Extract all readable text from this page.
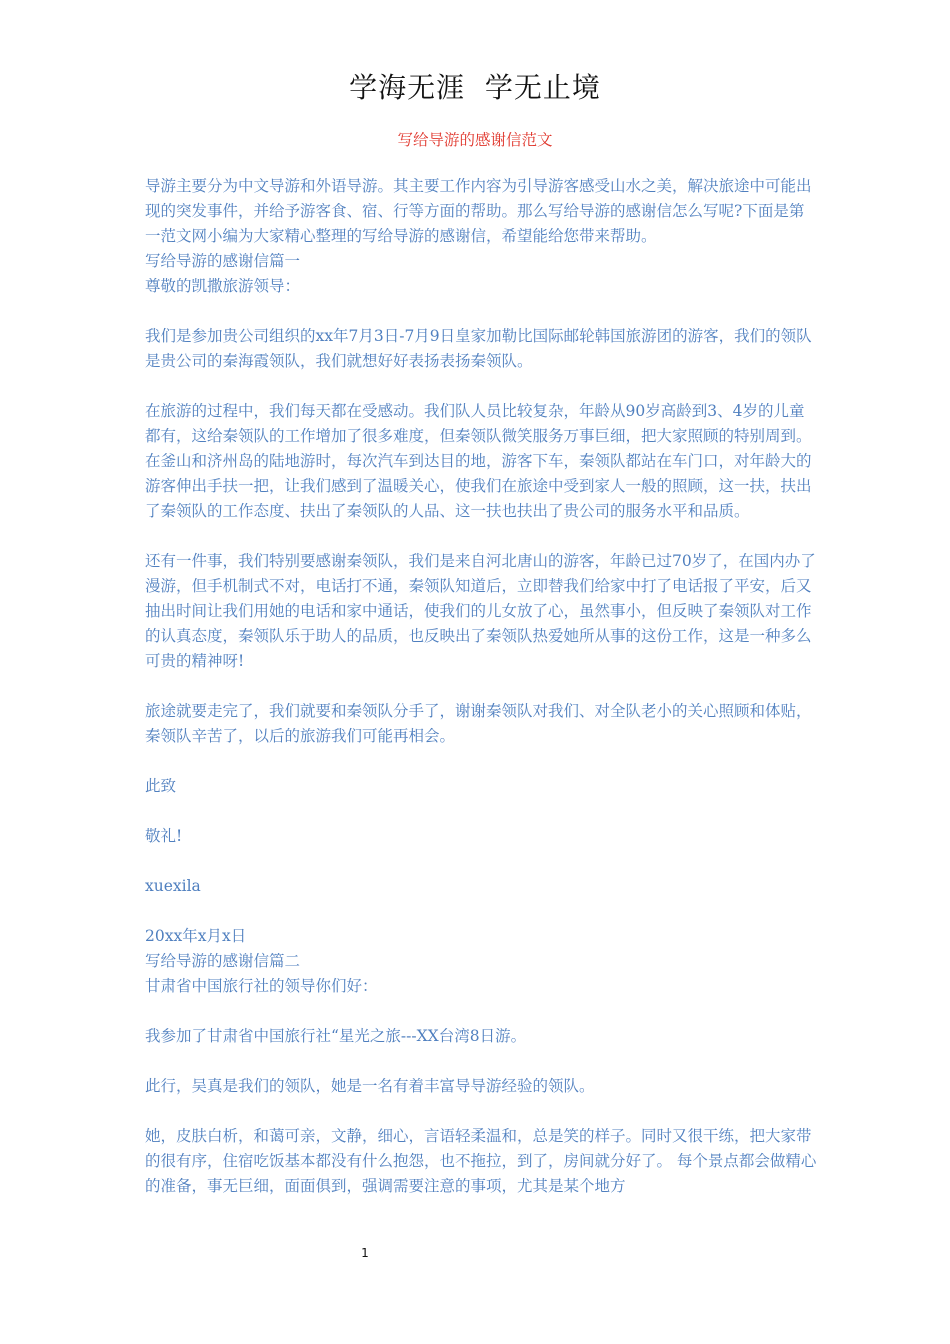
学海无涯  学无止境
写给导游的感谢信范文

导游主要分为中文导游和外语导游。其主要工作内容为引导游客感受山水之美，解决旅途中可能出现的突发事件，并给予游客食、宿、行等方面的帮助。那么写给导游的感谢信怎么写呢?下面是第一范文网小编为大家精心整理的写给导游的感谢信，希望能给您带来帮助。

写给导游的感谢信篇一

尊敬的凯撒旅游领导：

我们是参加贵公司组织的xx年7月3日-7月9日皇家加勒比国际邮轮韩国旅游团的游客，我们的领队是贵公司的秦海霞领队，我们就想好好表扬表扬秦领队。

在旅游的过程中，我们每天都在受感动。我们队人员比较复杂，年龄从90岁高龄到3、4岁的儿童都有，这给秦领队的工作增加了很多难度，但秦领队微笑服务万事巨细，把大家照顾的特别周到。在釜山和济州岛的陆地游时，每次汽车到达目的地，游客下车，秦领队都站在车门口，对年龄大的游客伸出手扶一把，让我们感到了温暖关心，使我们在旅途中受到家人一般的照顾，这一扶，扶出了秦领队的工作态度、扶出了秦领队的人品、这一扶也扶出了贵公司的服务水平和品质。

还有一件事，我们特别要感谢秦领队，我们是来自河北唐山的游客，年龄已过70岁了，在国内办了漫游，但手机制式不对，电话打不通，秦领队知道后，立即替我们给家中打了电话报了平安，后又抽出时间让我们用她的电话和家中通话，使我们的儿女放了心，虽然事小，但反映了秦领队对工作的认真态度，秦领队乐于助人的品质，也反映出了秦领队热爱她所从事的这份工作，这是一种多么可贵的精神呀!

旅途就要走完了，我们就要和秦领队分手了，谢谢秦领队对我们、对全队老小的关心照顾和体贴，秦领队辛苦了，以后的旅游我们可能再相会。

此致

敬礼!

xuexila

20xx年x月x日

写给导游的感谢信篇二

甘肃省中国旅行社的领导你们好：

我参加了甘肃省中国旅行社“星光之旅---XX台湾8日游。

此行，吴真是我们的领队，她是一名有着丰富导导游经验的领队。

她，皮肤白析，和蔼可亲，文静，细心，言语轻柔温和，总是笑的样子。同时又很干练，把大家带的很有序，住宿吃饭基本都没有什么抱怨，也不拖拉，到了，房间就分好了。 每个景点都会做精心的准备，事无巨细，面面俱到，强调需要注意的事项，尤其是某个地方

1
